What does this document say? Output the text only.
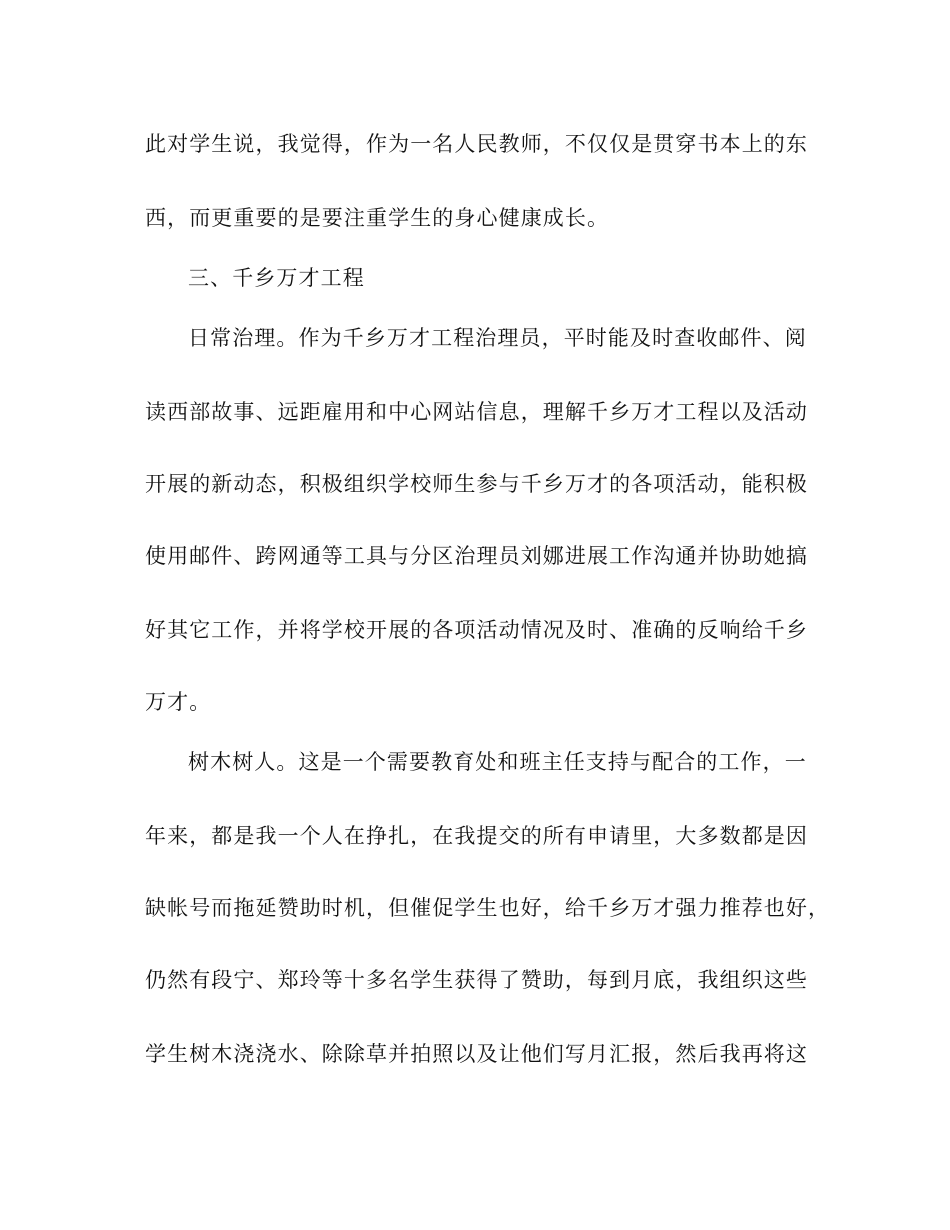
此对学生说，我觉得，作为一名人民教师，不仅仅是贯穿书本上的东
西，而更重要的是要注重学生的身心健康成长。
三、千乡万才工程
日常治理。作为千乡万才工程治理员，平时能及时查收邮件、阅
读西部故事、远距雇用和中心网站信息，理解千乡万才工程以及活动
开展的新动态，积极组织学校师生参与千乡万才的各项活动，能积极
使用邮件、跨网通等工具与分区治理员刘娜进展工作沟通并协助她搞
好其它工作，并将学校开展的各项活动情况及时、准确的反响给千乡
万才。
树木树人。这是一个需要教育处和班主任支持与配合的工作，一
年来，都是我一个人在挣扎，在我提交的所有申请里，大多数都是因
缺帐号而拖延赞助时机，但催促学生也好，给千乡万才强力推荐也好，
仍然有段宁、郑玲等十多名学生获得了赞助，每到月底，我组织这些
学生树木浇浇水、除除草并拍照以及让他们写月汇报，然后我再将这
